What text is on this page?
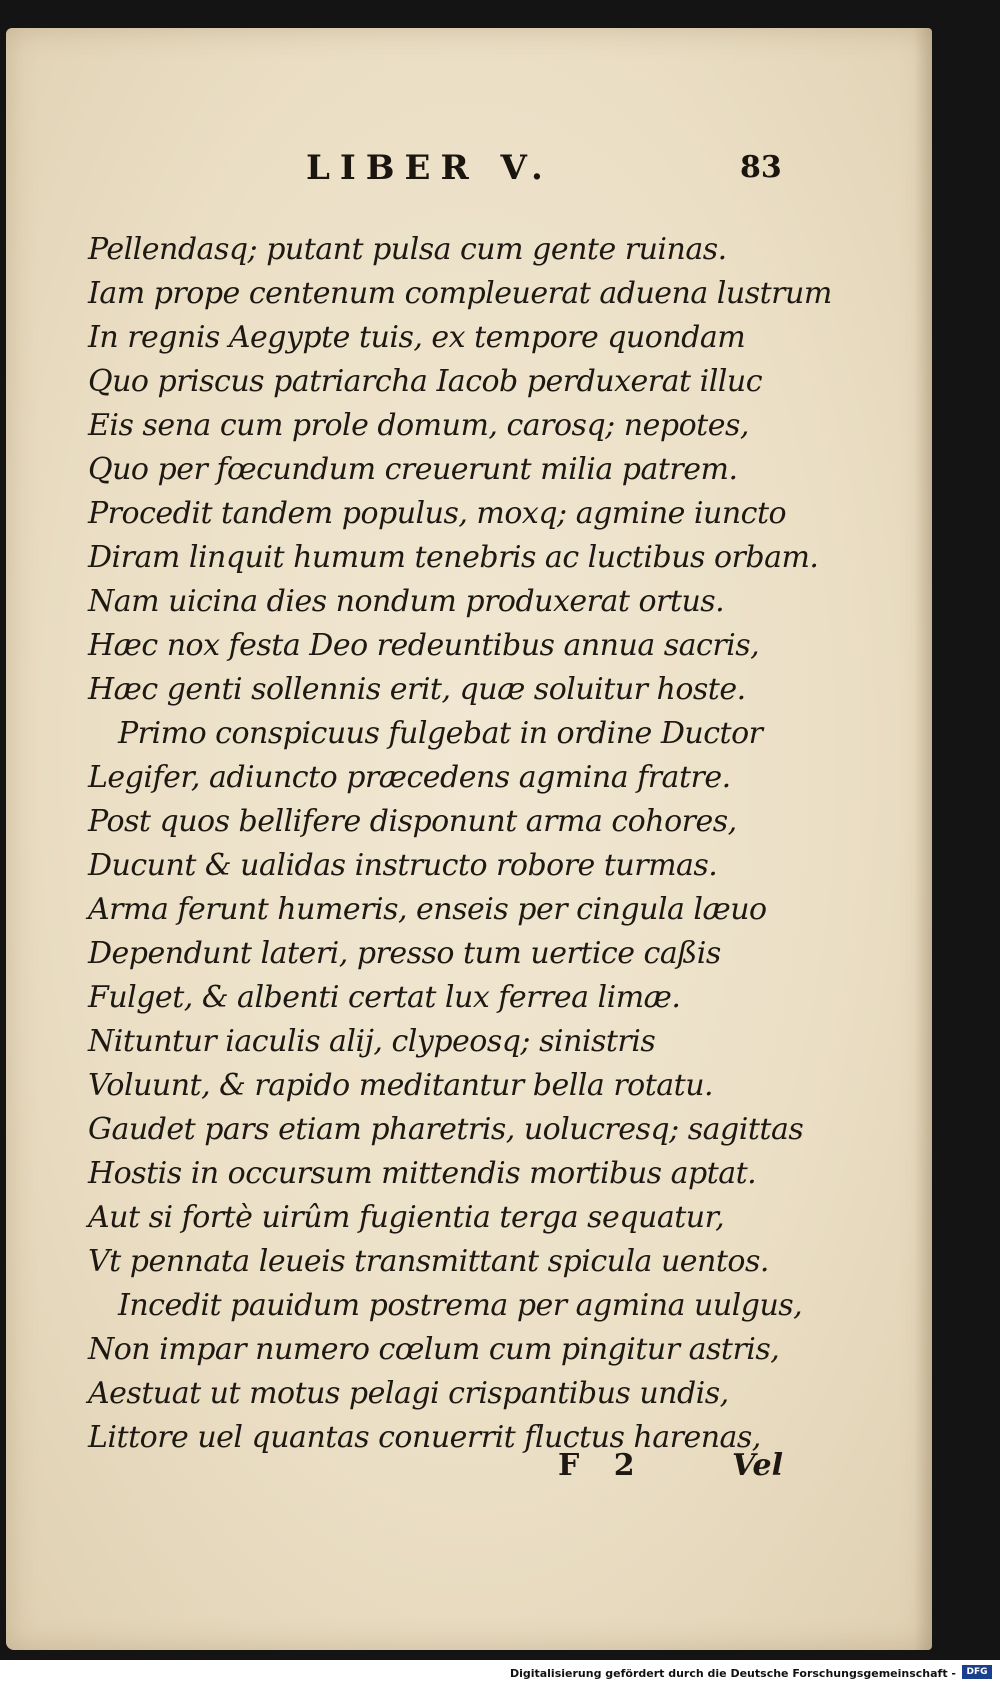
LIBER V.	83
Pellendasq; putant pulsa cum gente ruinas.
Iam prope centenum compleuerat aduena lustrum
In regnis Aegypte tuis, ex tempore quondam
Quo priscus patriarcha Iacob perduxerat illuc
Eis sena cum prole domum, carosq; nepotes,
Quo per fœcundum creuerunt milia patrem.
Procedit tandem populus, moxq; agmine iuncto
Diram linquit humum tenebris ac luctibus orbam.
Nam uicina dies nondum produxerat ortus.
Hæc nox festa Deo redeuntibus annua sacris,
Hæc genti sollennis erit, quæ soluitur hoste.
Primo conspicuus fulgebat in ordine Ductor
Legifer, adiuncto præcedens agmina fratre.
Post quos bellifere disponunt arma cohores,
Ducunt & ualidas instructo robore turmas.
Arma ferunt humeris, enseis per cingula læuo
Dependunt lateri, presso tum uertice caßis
Fulget, & albenti certat lux ferrea limæ.
Nituntur iaculis alij, clypeosq; sinistris
Voluunt, & rapido meditantur bella rotatu.
Gaudet pars etiam pharetris, uolucresq; sagittas
Hostis in occursum mittendis mortibus aptat.
Aut si fortè uirûm fugientia terga sequatur,
Vt pennata leueis transmittant spicula uentos.
Incedit pauidum postrema per agmina uulgus,
Non impar numero cœlum cum pingitur astris,
Aestuat ut motus pelagi crispantibus undis,
Littore uel quantas conuerrit fluctus harenas,
F 2	Vel
Digitalisierung gefördert durch die Deutsche Forschungsgemeinschaft -	DFG
